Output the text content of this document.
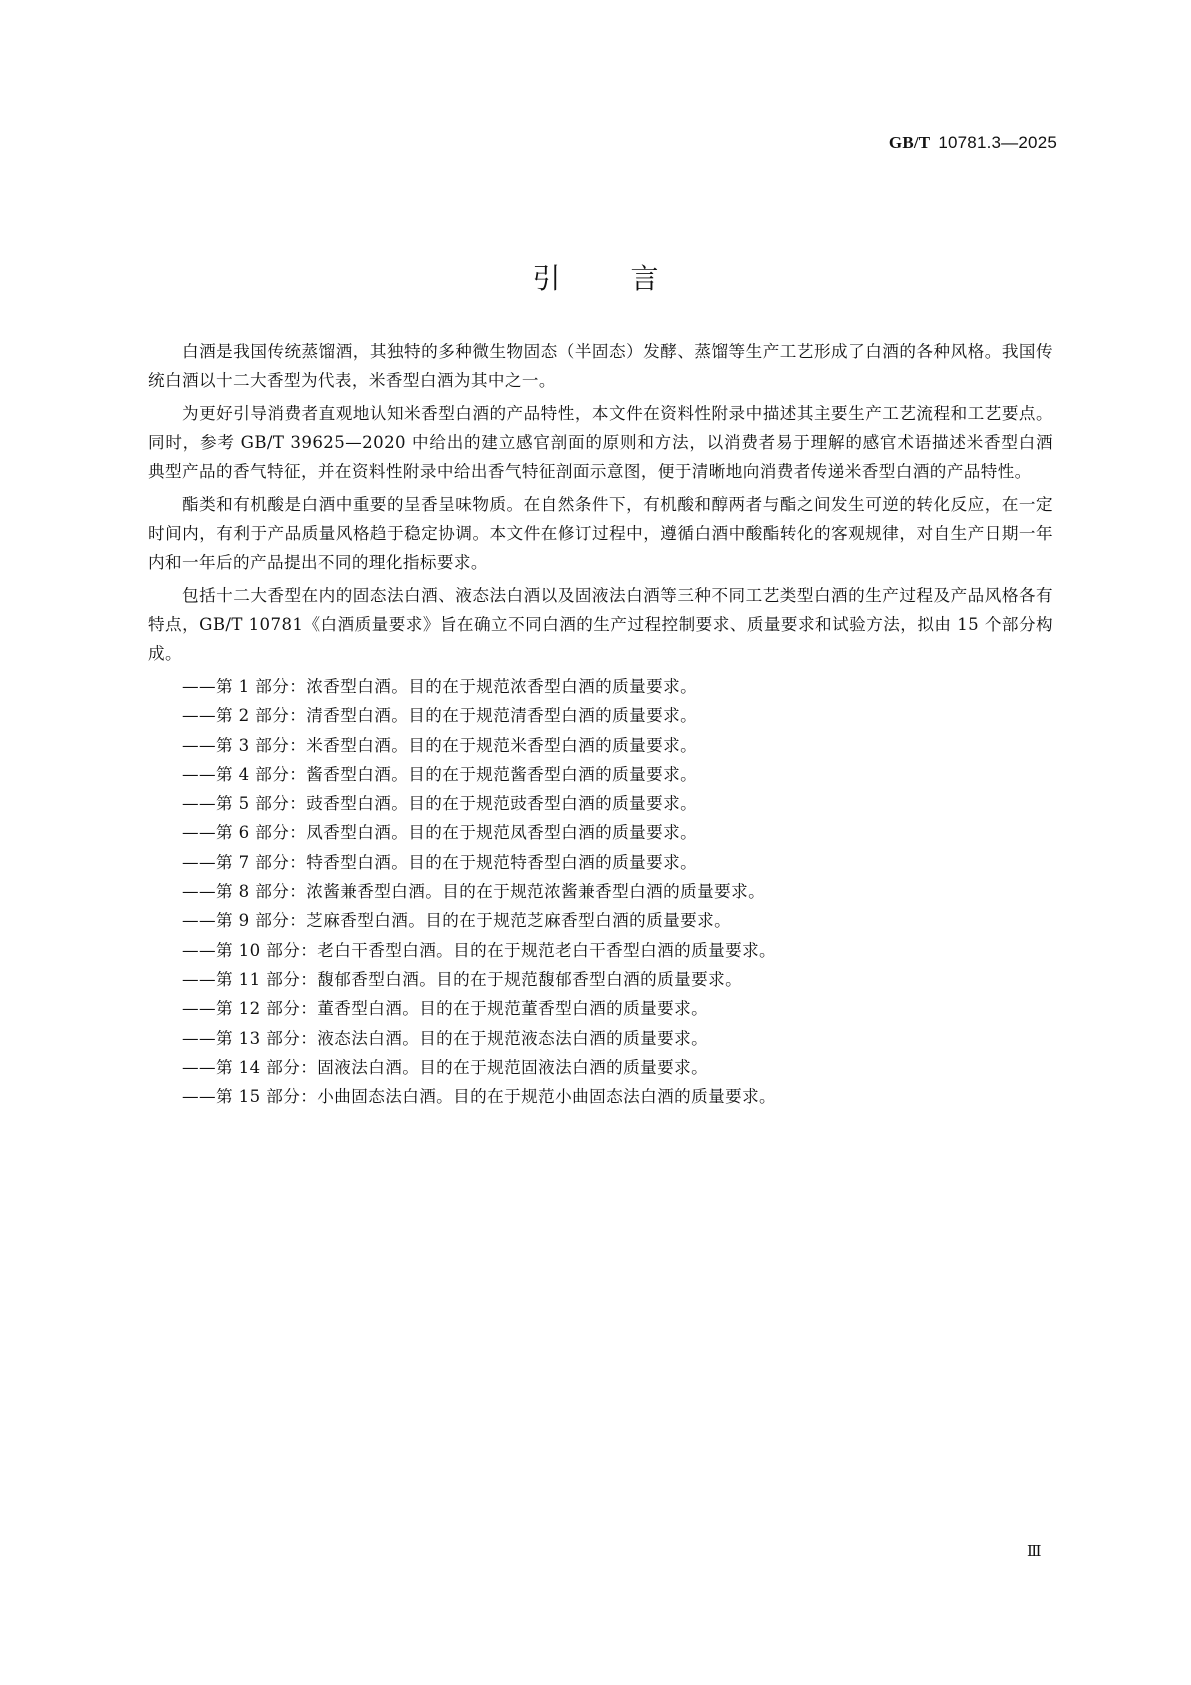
GB/T 10781.3—2025
引	言

白酒是我国传统蒸馏酒，其独特的多种微生物固态（半固态）发酵、蒸馏等生产工艺形成了白酒的各种风格。我国传统白酒以十二大香型为代表，米香型白酒为其中之一。

为更好引导消费者直观地认知米香型白酒的产品特性，本文件在资料性附录中描述其主要生产工艺流程和工艺要点。同时，参考 GB/T 39625—2020 中给出的建立感官剖面的原则和方法，以消费者易于理解的感官术语描述米香型白酒典型产品的香气特征，并在资料性附录中给出香气特征剖面示意图，便于清晰地向消费者传递米香型白酒的产品特性。

酯类和有机酸是白酒中重要的呈香呈味物质。在自然条件下，有机酸和醇两者与酯之间发生可逆的转化反应，在一定时间内，有利于产品质量风格趋于稳定协调。本文件在修订过程中，遵循白酒中酸酯转化的客观规律，对自生产日期一年内和一年后的产品提出不同的理化指标要求。

包括十二大香型在内的固态法白酒、液态法白酒以及固液法白酒等三种不同工艺类型白酒的生产过程及产品风格各有特点，GB/T 10781《白酒质量要求》旨在确立不同白酒的生产过程控制要求、质量要求和试验方法，拟由 15 个部分构成。

——第 1 部分：浓香型白酒。目的在于规范浓香型白酒的质量要求。

——第 2 部分：清香型白酒。目的在于规范清香型白酒的质量要求。

——第 3 部分：米香型白酒。目的在于规范米香型白酒的质量要求。

——第 4 部分：酱香型白酒。目的在于规范酱香型白酒的质量要求。

——第 5 部分：豉香型白酒。目的在于规范豉香型白酒的质量要求。

——第 6 部分：凤香型白酒。目的在于规范凤香型白酒的质量要求。

——第 7 部分：特香型白酒。目的在于规范特香型白酒的质量要求。

——第 8 部分：浓酱兼香型白酒。目的在于规范浓酱兼香型白酒的质量要求。

——第 9 部分：芝麻香型白酒。目的在于规范芝麻香型白酒的质量要求。

——第 10 部分：老白干香型白酒。目的在于规范老白干香型白酒的质量要求。

——第 11 部分：馥郁香型白酒。目的在于规范馥郁香型白酒的质量要求。

——第 12 部分：董香型白酒。目的在于规范董香型白酒的质量要求。

——第 13 部分：液态法白酒。目的在于规范液态法白酒的质量要求。

——第 14 部分：固液法白酒。目的在于规范固液法白酒的质量要求。

——第 15 部分：小曲固态法白酒。目的在于规范小曲固态法白酒的质量要求。

Ⅲ
